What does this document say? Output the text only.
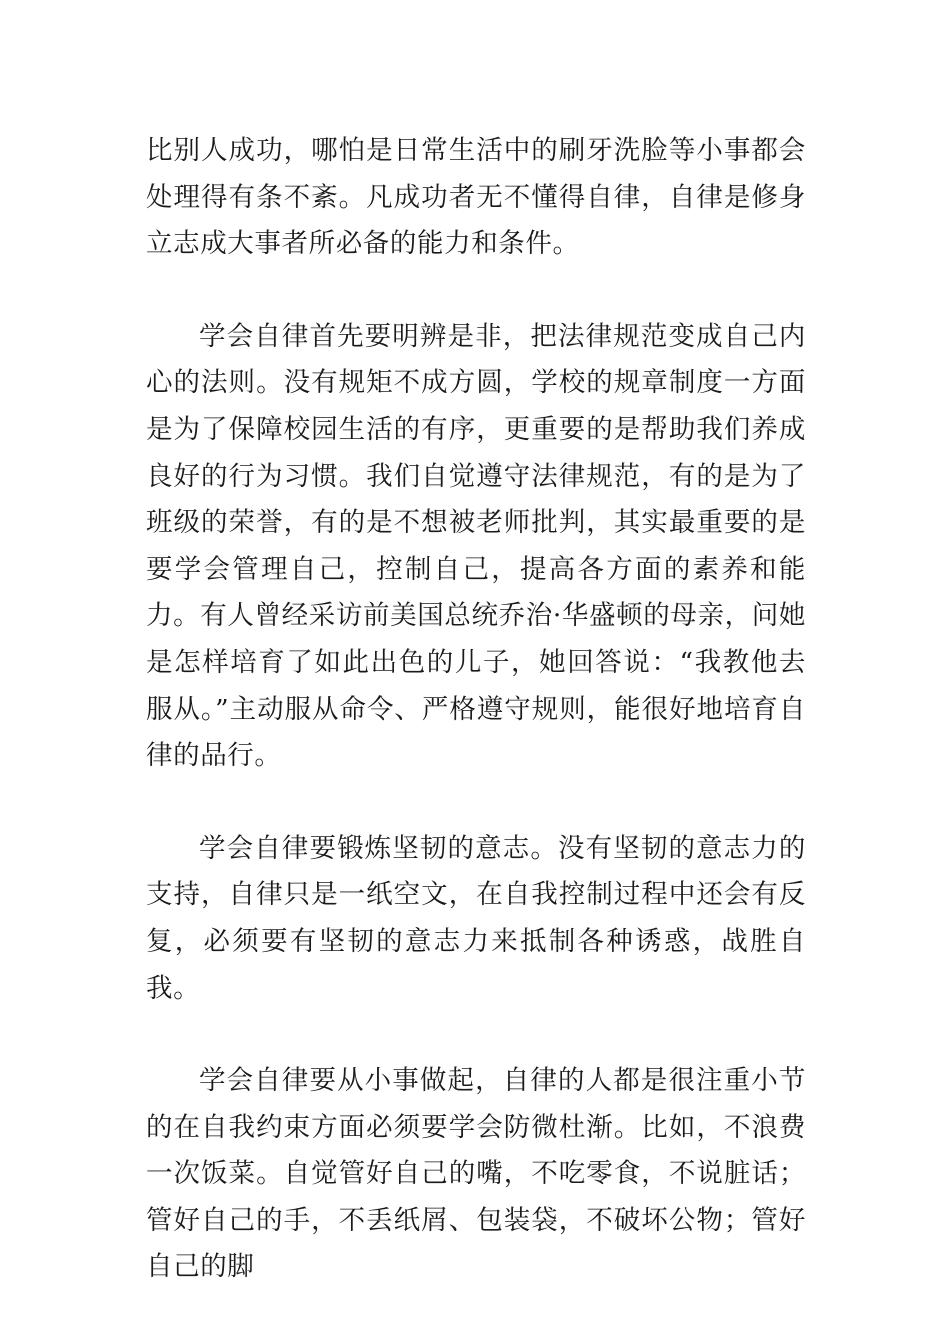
比别人成功，哪怕是日常生活中的刷牙洗脸等小事都会处理得有条不紊。凡成功者无不懂得自律，自律是修身立志成大事者所必备的能力和条件。

学会自律首先要明辨是非，把法律规范变成自己内心的法则。没有规矩不成方圆，学校的规章制度一方面是为了保障校园生活的有序，更重要的是帮助我们养成良好的行为习惯。我们自觉遵守法律规范，有的是为了班级的荣誉，有的是不想被老师批判，其实最重要的是要学会管理自己，控制自己，提高各方面的素养和能力。有人曾经采访前美国总统乔治·华盛顿的母亲，问她是怎样培育了如此出色的儿子，她回答说：“我教他去服从。”主动服从命令、严格遵守规则，能很好地培育自律的品行。

学会自律要锻炼坚韧的意志。没有坚韧的意志力的支持，自律只是一纸空文，在自我控制过程中还会有反复，必须要有坚韧的意志力来抵制各种诱惑，战胜自我。

学会自律要从小事做起，自律的人都是很注重小节的在自我约束方面必须要学会防微杜渐。比如，不浪费一次饭菜。自觉管好自己的嘴，不吃零食，不说脏话；管好自己的手，不丢纸屑、包装袋，不破坏公物；管好自己的脚
